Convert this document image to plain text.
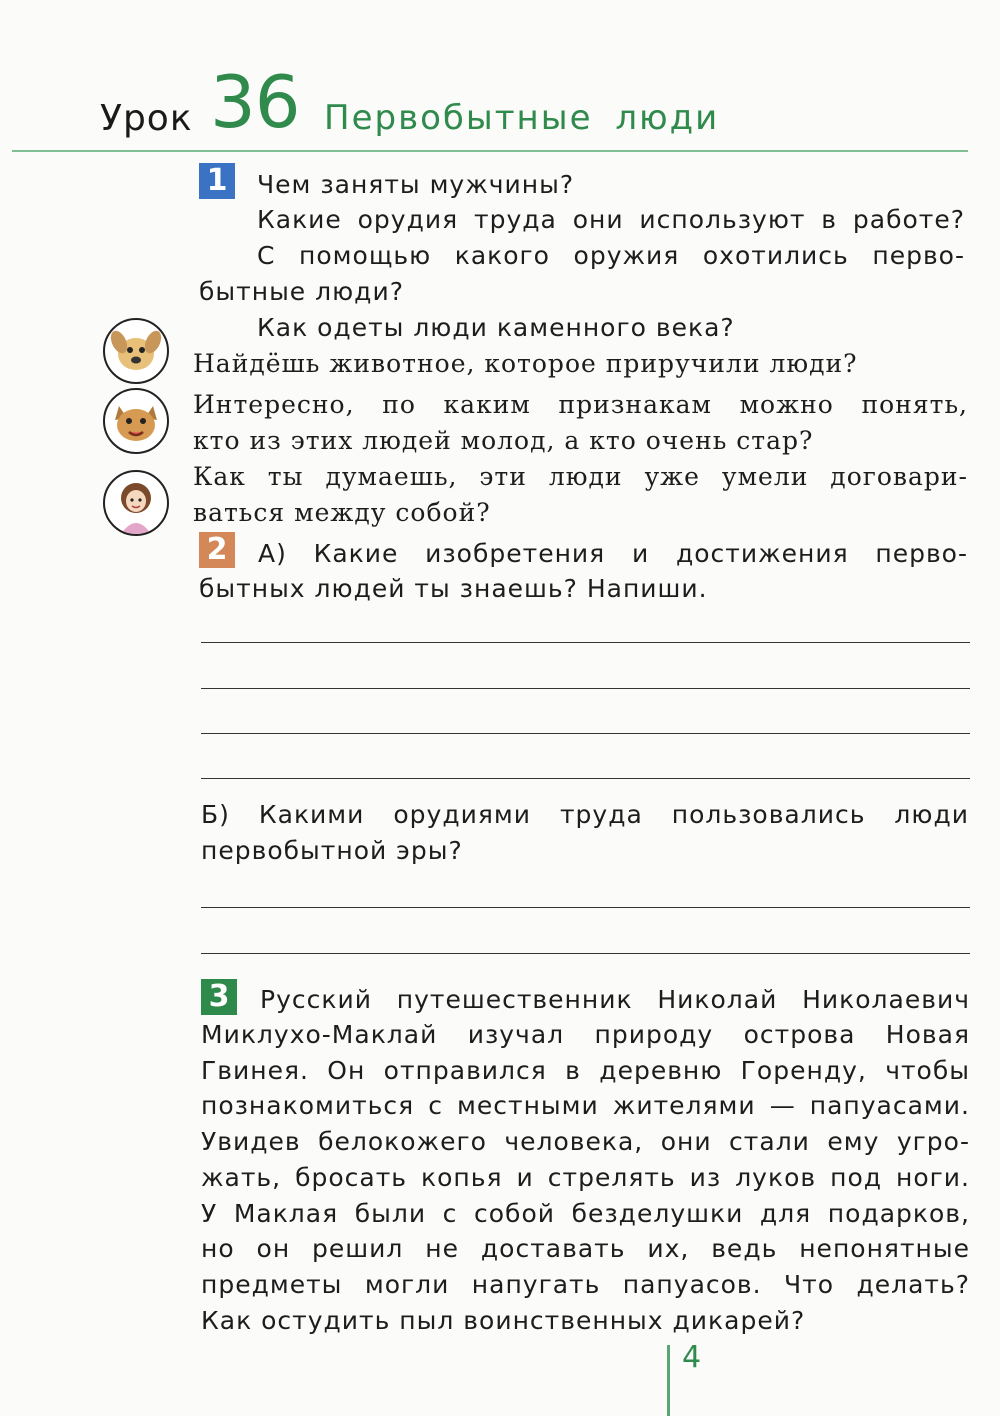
Урок 36 Первобытные люди
1	Чем заняты мужчины?
Какие орудия труда они используют в работе?
С помощью какого оружия охотились перво-
бытные люди?
Как одеты люди каменного века?
Найдёшь животное, которое приручили люди?
Интересно, по каким признакам можно понять,
кто из этих людей молод, а кто очень стар?
Как ты думаешь, эти люди уже умели договари-
ваться между собой?
2	А) Какие изобретения и достижения перво-
бытных людей ты знаешь? Напиши.
Б) Какими орудиями труда пользовались люди
первобытной эры?
3	Русский путешественник Николай Николаевич
Миклухо-Маклай изучал природу острова Новая
Гвинея. Он отправился в деревню Горенду, чтобы
познакомиться с местными жителями — папуасами.
Увидев белокожего человека, они стали ему угро-
жать, бросать копья и стрелять из луков под ноги.
У Маклая были с собой безделушки для подарков,
но он решил не доставать их, ведь непонятные
предметы могли напугать папуасов. Что делать?
Как остудить пыл воинственных дикарей?
4
